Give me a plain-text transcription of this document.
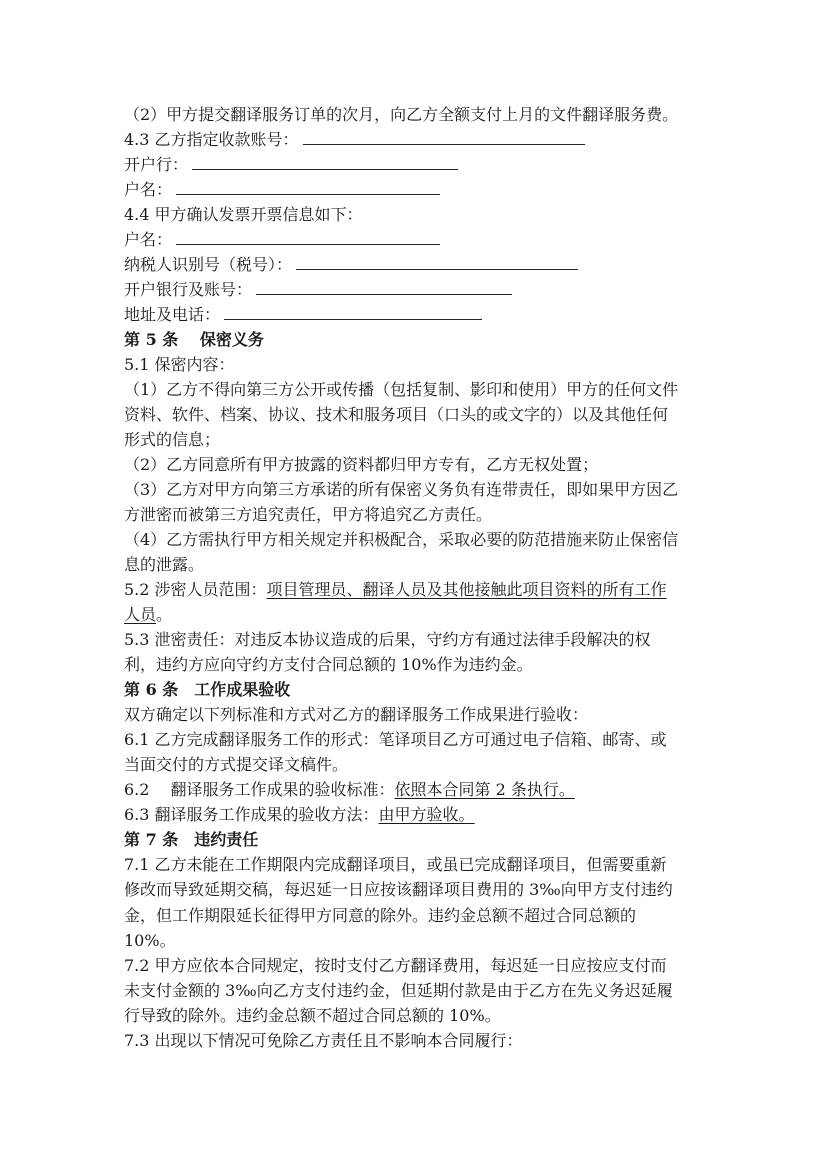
（2）甲方提交翻译服务订单的次月，向乙方全额支付上月的文件翻译服务费。
4.3 乙方指定收款账号：
开户行：
户名：
4.4 甲方确认发票开票信息如下：
户名：
纳税人识别号（税号）：
开户银行及账号：
地址及电话：
第 5 条　 保密义务
5.1 保密内容：
（1）乙方不得向第三方公开或传播（包括复制、影印和使用）甲方的任何文件
资料、软件、档案、协议、技术和服务项目（口头的或文字的）以及其他任何
形式的信息；
（2）乙方同意所有甲方披露的资料都归甲方专有，乙方无权处置；
（3）乙方对甲方向第三方承诺的所有保密义务负有连带责任，即如果甲方因乙
方泄密而被第三方追究责任，甲方将追究乙方责任。
（4）乙方需执行甲方相关规定并积极配合，采取必要的防范措施来防止保密信
息的泄露。
5.2 涉密人员范围：项目管理员、翻译人员及其他接触此项目资料的所有工作
人员。
5.3 泄密责任：对违反本协议造成的后果，守约方有通过法律手段解决的权
利，违约方应向守约方支付合同总额的 10%作为违约金。
第 6 条　工作成果验收
双方确定以下列标准和方式对乙方的翻译服务工作成果进行验收：
6.1 乙方完成翻译服务工作的形式：笔译项目乙方可通过电子信箱、邮寄、或
当面交付的方式提交译文稿件。
6.2　 翻译服务工作成果的验收标准：依照本合同第 2 条执行。
6.3 翻译服务工作成果的验收方法：由甲方验收。
第 7 条　违约责任
7.1 乙方未能在工作期限内完成翻译项目，或虽已完成翻译项目，但需要重新
修改而导致延期交稿，每迟延一日应按该翻译项目费用的 3‰向甲方支付违约
金，但工作期限延长征得甲方同意的除外。违约金总额不超过合同总额的
10%。
7.2 甲方应依本合同规定，按时支付乙方翻译费用，每迟延一日应按应支付而
未支付金额的 3‰向乙方支付违约金，但延期付款是由于乙方在先义务迟延履
行导致的除外。违约金总额不超过合同总额的 10%。
7.3 出现以下情况可免除乙方责任且不影响本合同履行：
